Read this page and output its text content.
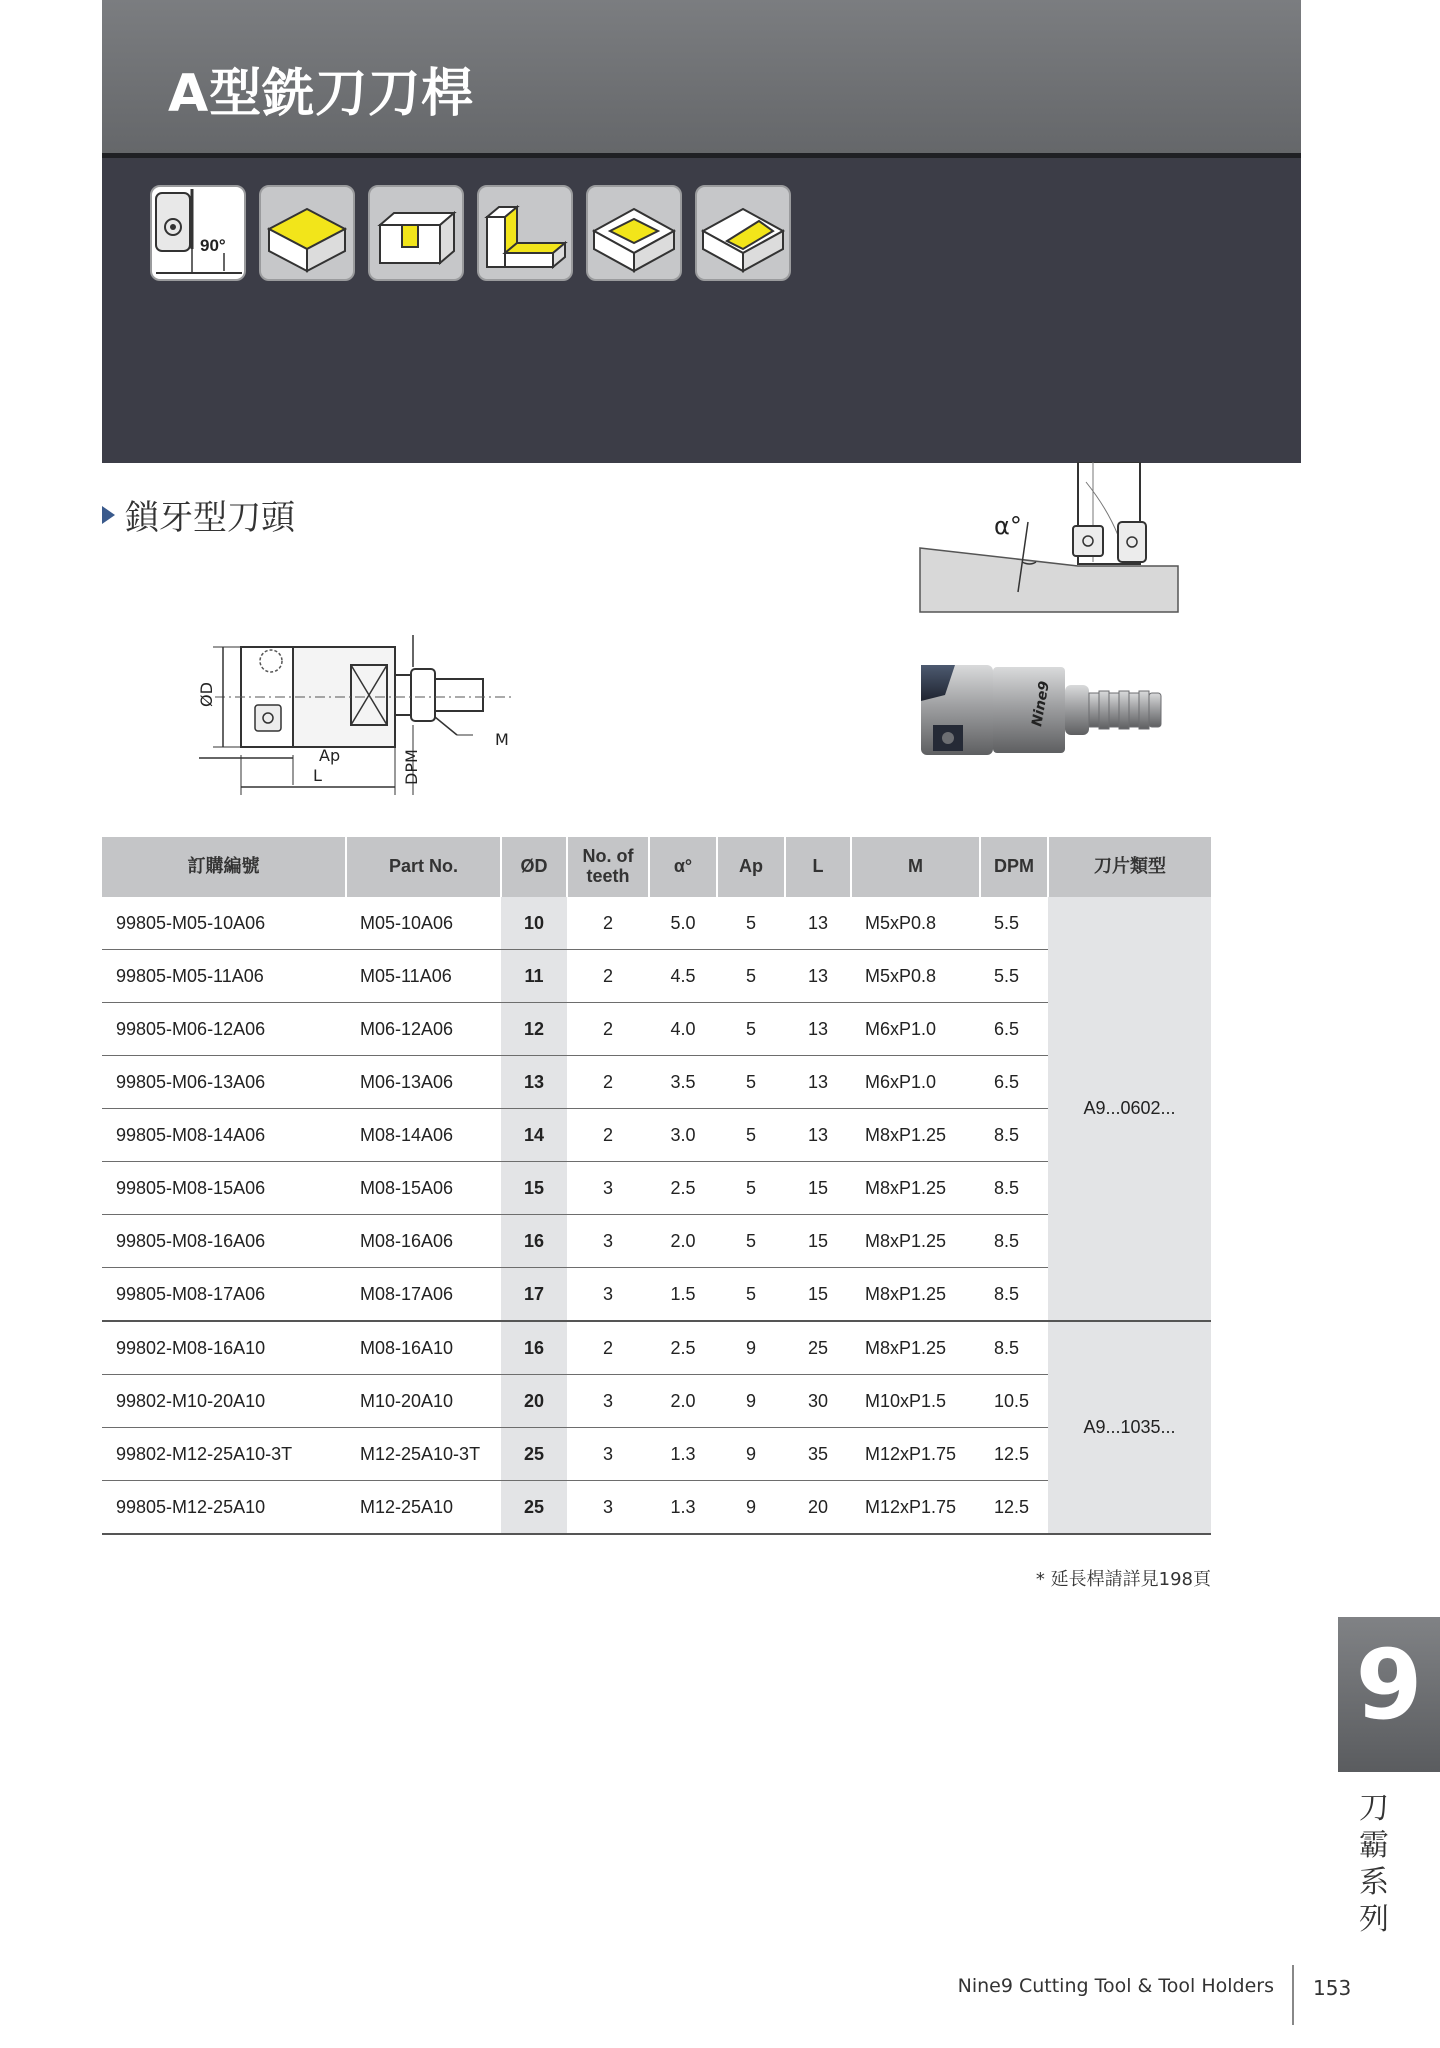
A型銑刀刀桿
90°
鎖牙型刀頭	α°
ØD
Ap
L	DPM
M
Nine9
訂購編號	Part No.	ØD	No. of teeth	α°	Ap	L	M	DPM	刀片類型
99805-M05-10A06	M05-10A06	10	2	5.0	5	13	M5xP0.8	5.5	A9...0602...
99805-M05-11A06	M05-11A06	11	2	4.5	5	13	M5xP0.8	5.5	
99805-M06-12A06	M06-12A06	12	2	4.0	5	13	M6xP1.0	6.5	
99805-M06-13A06	M06-13A06	13	2	3.5	5	13	M6xP1.0	6.5	
99805-M08-14A06	M08-14A06	14	2	3.0	5	13	M8xP1.25	8.5	
99805-M08-15A06	M08-15A06	15	3	2.5	5	15	M8xP1.25	8.5	
99805-M08-16A06	M08-16A06	16	3	2.0	5	15	M8xP1.25	8.5	
99805-M08-17A06	M08-17A06	17	3	1.5	5	15	M8xP1.25	8.5	
99802-M08-16A10	M08-16A10	16	2	2.5	9	25	M8xP1.25	8.5	A9...1035...
99802-M10-20A10	M10-20A10	20	3	2.0	9	30	M10xP1.5	10.5	
99802-M12-25A10-3T	M12-25A10-3T	25	3	1.3	9	35	M12xP1.75	12.5	
99805-M12-25A10	M12-25A10	25	3	1.3	9	20	M12xP1.75	12.5	
* 延長桿請詳見198頁
9
刀
霸
系
列
Nine9 Cutting Tool & Tool Holders 153
